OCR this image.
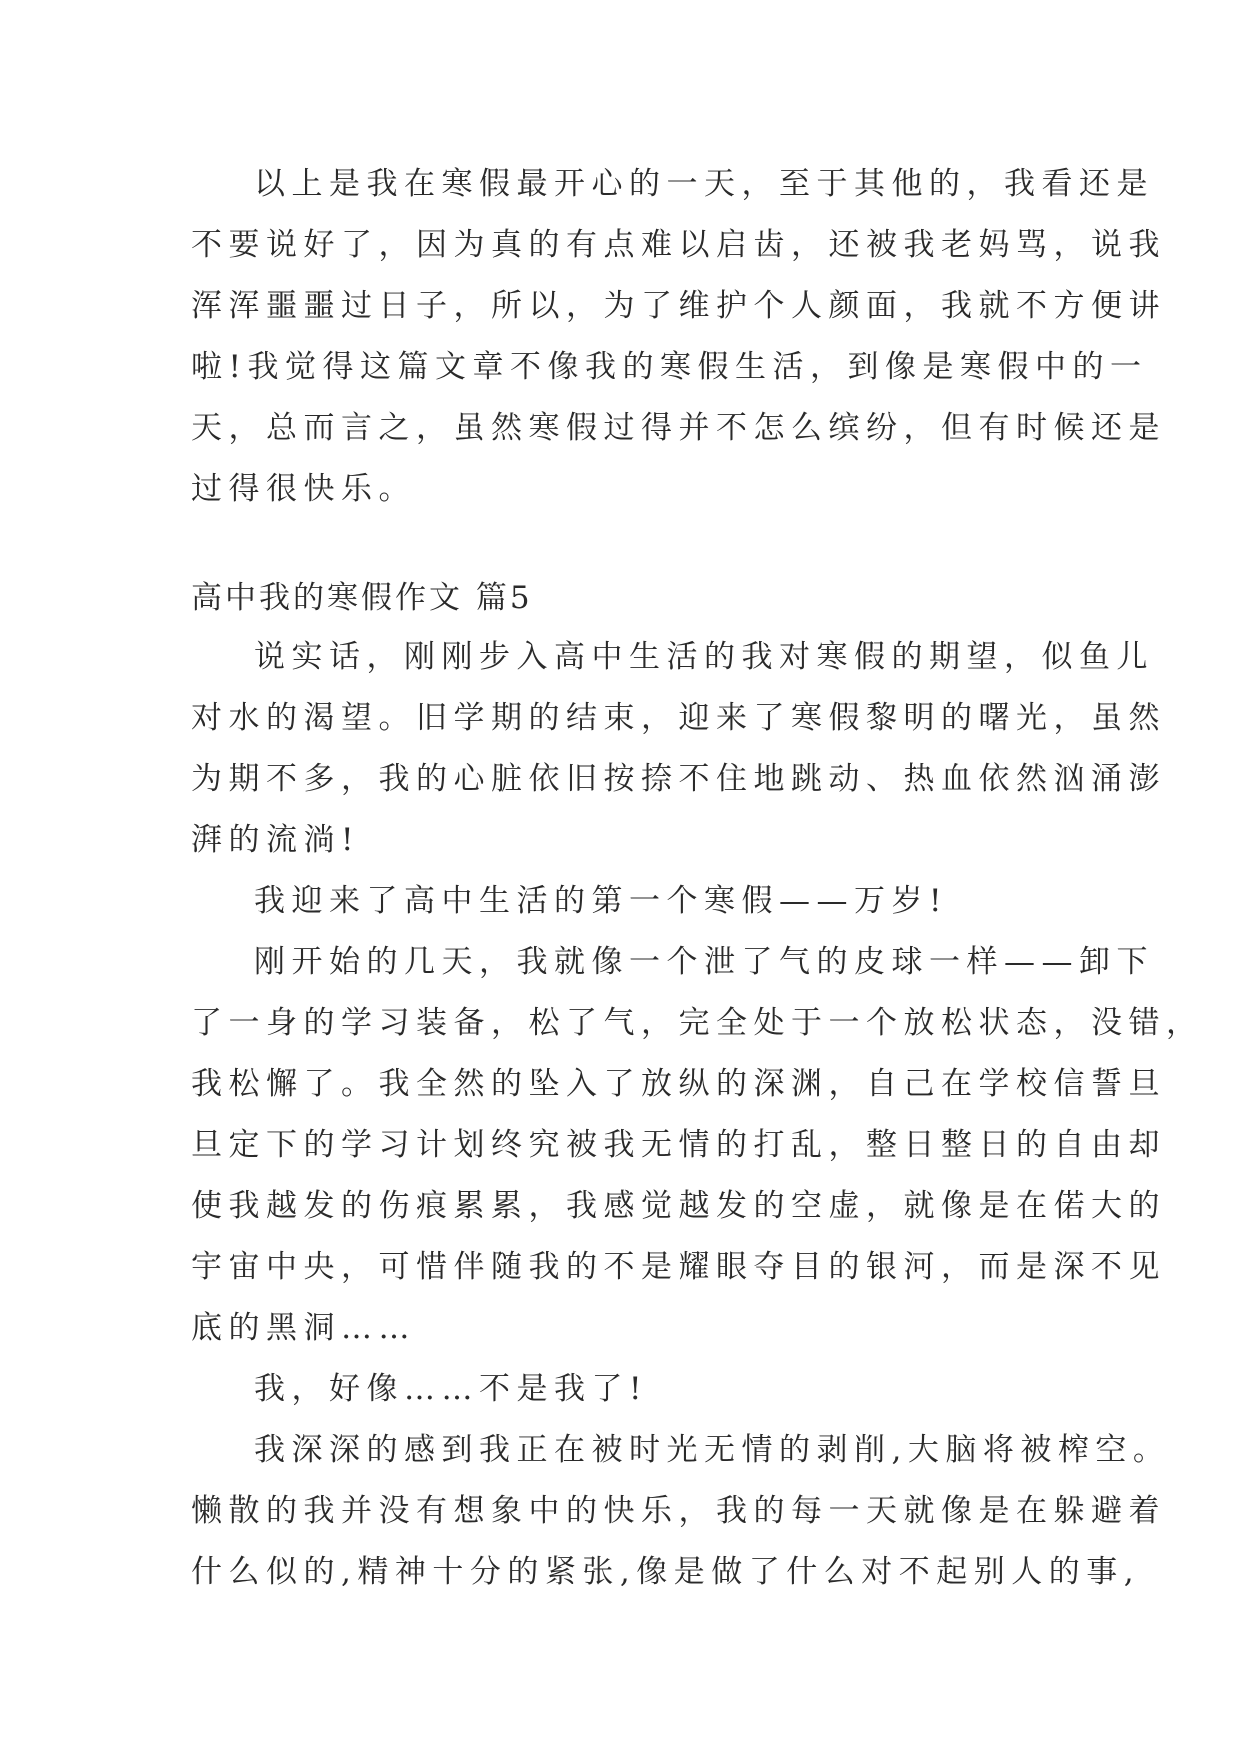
以上是我在寒假最开心的一天，至于其他的，我看还是
不要说好了，因为真的有点难以启齿，还被我老妈骂，说我
浑浑噩噩过日子，所以，为了维护个人颜面，我就不方便讲
啦!我觉得这篇文章不像我的寒假生活，到像是寒假中的一
天，总而言之，虽然寒假过得并不怎么缤纷，但有时候还是
过得很快乐。
高中我的寒假作文 篇5
说实话，刚刚步入高中生活的我对寒假的期望，似鱼儿
对水的渴望。旧学期的结束，迎来了寒假黎明的曙光，虽然
为期不多，我的心脏依旧按捺不住地跳动、热血依然汹涌澎
湃的流淌!
我迎来了高中生活的第一个寒假——万岁!
刚开始的几天，我就像一个泄了气的皮球一样——卸下
了一身的学习装备，松了气，完全处于一个放松状态，没错，
我松懈了。我全然的坠入了放纵的深渊，自己在学校信誓旦
旦定下的学习计划终究被我无情的打乱，整日整日的自由却
使我越发的伤痕累累，我感觉越发的空虚，就像是在偌大的
宇宙中央，可惜伴随我的不是耀眼夺目的银河，而是深不见
底的黑洞……
我，好像……不是我了!
我深深的感到我正在被时光无情的剥削,大脑将被榨空。
懒散的我并没有想象中的快乐，我的每一天就像是在躲避着
什么似的,精神十分的紧张,像是做了什么对不起别人的事,
